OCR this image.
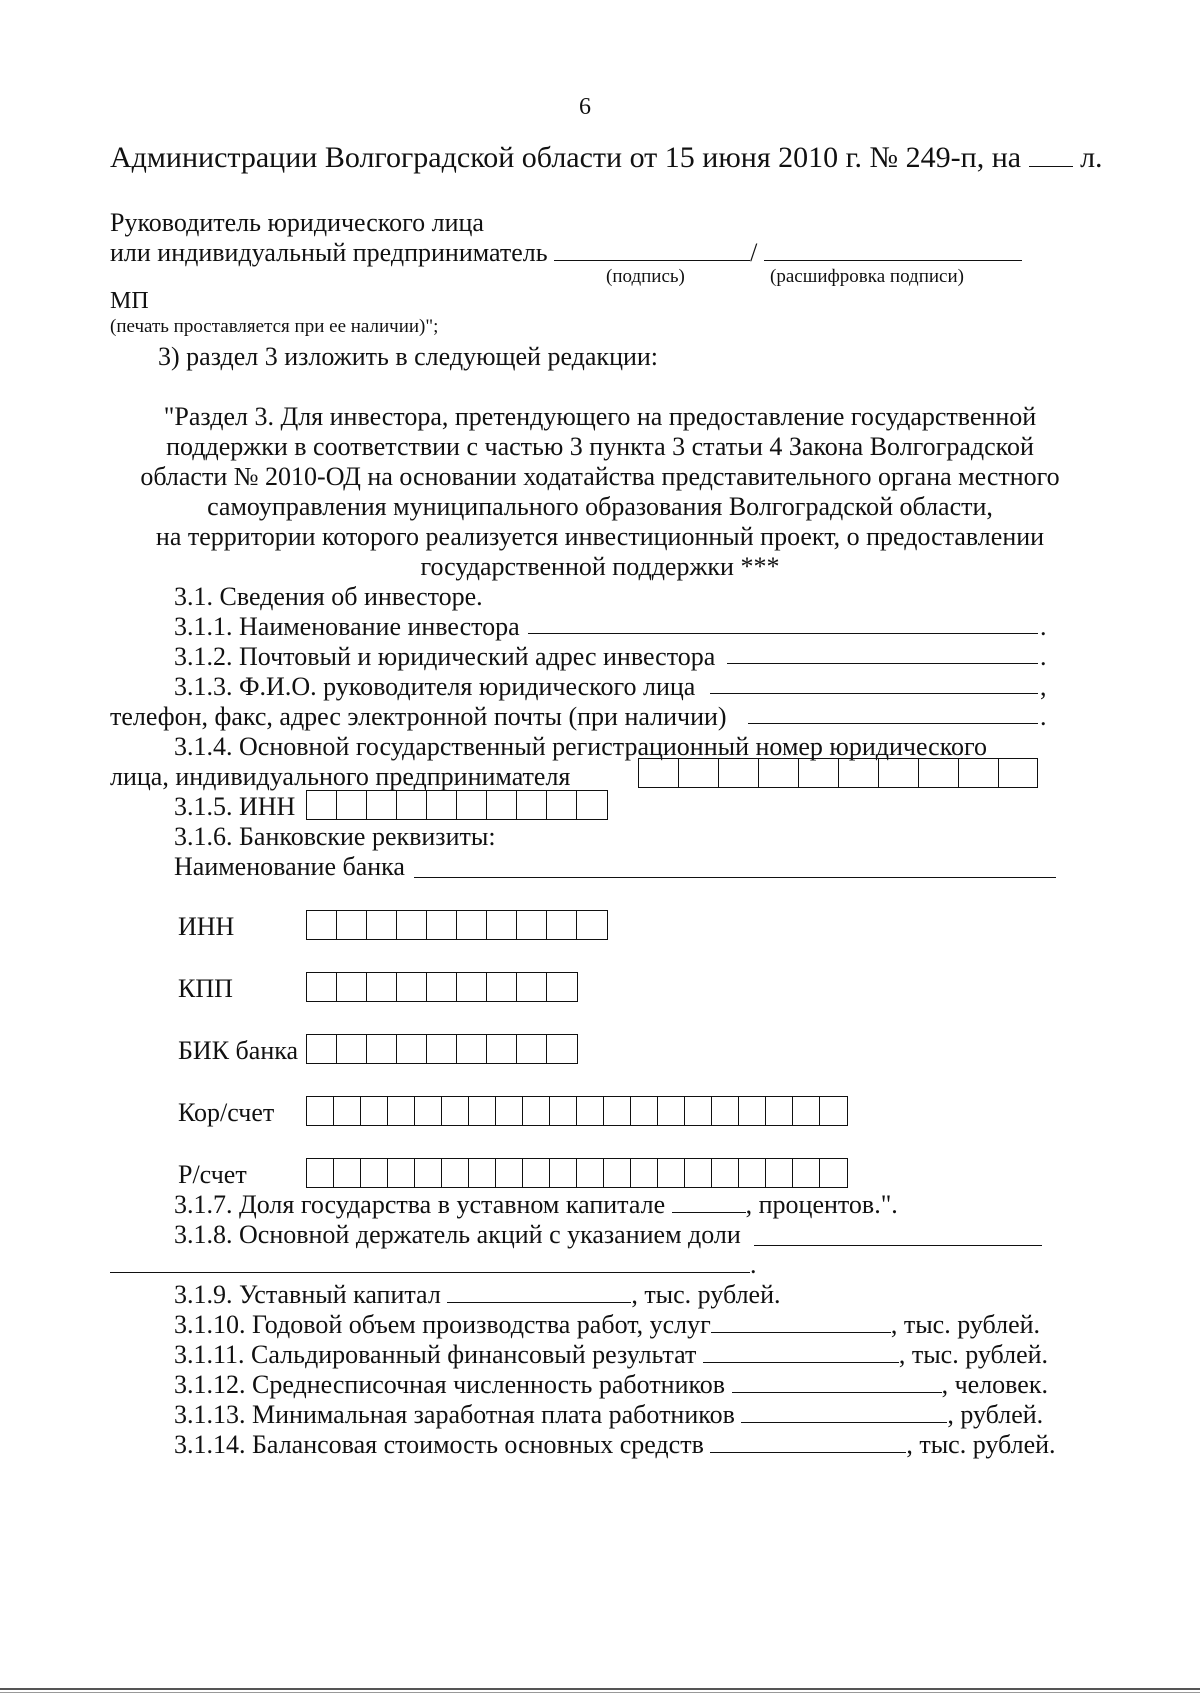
6
Администрации Волгоградской области от 15 июня 2010 г. № 249-п, на л.
Руководитель юридического лица
или индивидуальный предприниматель	/
(подпись)	(расшифровка подписи)
МП
(печать проставляется при ее наличии)";
3) раздел 3 изложить в следующей редакции:
"Раздел 3. Для инвестора, претендующего на предоставление государственной
поддержки в соответствии с частью 3 пункта 3 статьи 4 Закона Волгоградской
области № 2010-ОД на основании ходатайства представительного органа местного
самоуправления муниципального образования Волгоградской области,
на территории которого реализуется инвестиционный проект, о предоставлении
государственной поддержки ***
3.1. Сведения об инвесторе.
3.1.1. Наименование инвестора	.
3.1.2. Почтовый и юридический адрес инвестора	.
3.1.3. Ф.И.О. руководителя юридического лица	,
телефон, факс, адрес электронной почты (при наличии)	.
3.1.4. Основной государственный регистрационный номер юридического
лица, индивидуального предпринимателя
3.1.5. ИНН
3.1.6. Банковские реквизиты:
Наименование банка
ИНН
КПП
БИК банка
Кор/счет
Р/счет
3.1.7. Доля государства в уставном капитале	, процентов.".
3.1.8. Основной держатель акций с указанием доли
.
3.1.9. Уставный капитал	, тыс. рублей.
3.1.10. Годовой объем производства работ, услуг	, тыс. рублей.
3.1.11. Сальдированный финансовый результат	, тыс. рублей.
3.1.12. Среднесписочная численность работников	, человек.
3.1.13. Минимальная заработная плата работников	, рублей.
3.1.14. Балансовая стоимость основных средств	, тыс. рублей.
